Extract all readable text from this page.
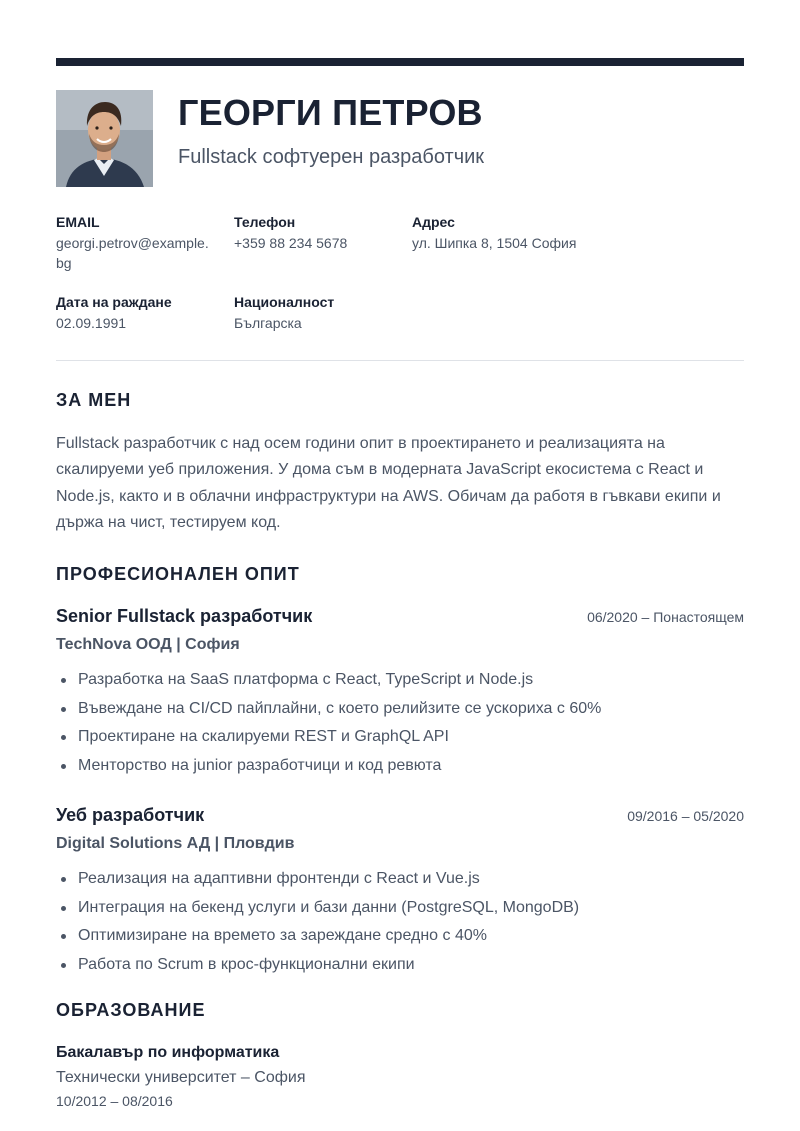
ГЕОРГИ ПЕТРОВ
Fullstack софтуерен разработчик
EMAIL
georgi.petrov@example.bg
Телефон
+359 88 234 5678
Адрес
ул. Шипка 8, 1504 София
Дата на раждане
02.09.1991
Националност
Българска
ЗА МЕН

Fullstack разработчик с над осем години опит в проектирането и реализацията на скалируеми уеб приложения. У дома съм в модерната JavaScript екосистема с React и Node.js, както и в облачни инфраструктури на AWS. Обичам да работя в гъвкави екипи и държа на чист, тестируем код.

ПРОФЕСИОНАЛЕН ОПИТ
Senior Fullstack разработчик	06/2020 – Понастоящем
TechNova ООД | София
Разработка на SaaS платформа с React, TypeScript и Node.js
Въвеждане на CI/CD пайплайни, с което релийзите се ускориха с 60%
Проектиране на скалируеми REST и GraphQL API
Менторство на junior разработчици и код ревюта
Уеб разработчик	09/2016 – 05/2020
Digital Solutions АД | Пловдив
Реализация на адаптивни фронтенди с React и Vue.js
Интеграция на бекенд услуги и бази данни (PostgreSQL, MongoDB)
Оптимизиране на времето за зареждане средно с 40%
Работа по Scrum в крос-функционални екипи
ОБРАЗОВАНИЕ
Бакалавър по информатика
Технически университет – София
10/2012 – 08/2016
